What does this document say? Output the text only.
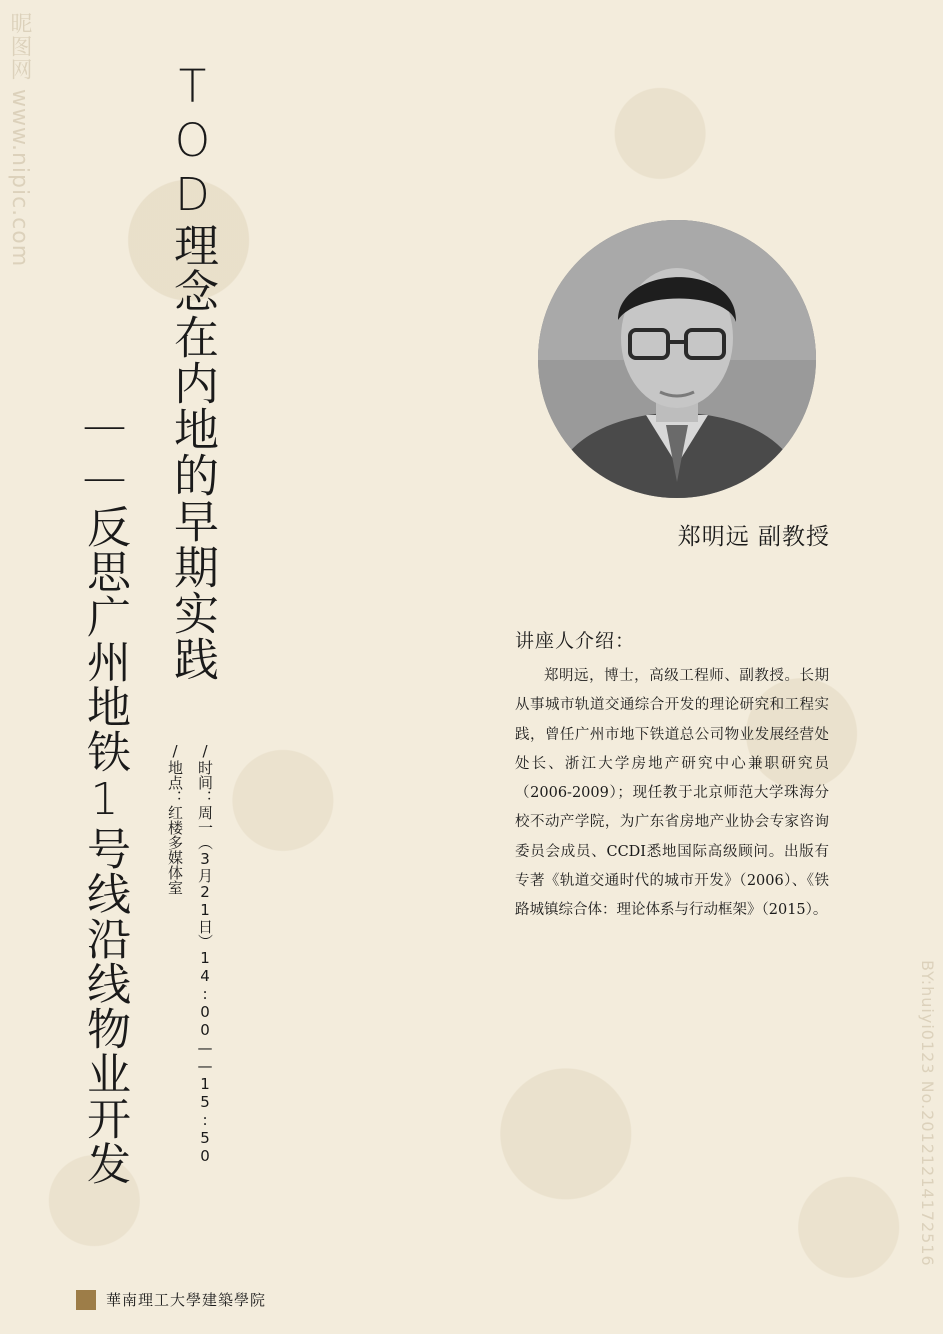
昵图网 www.nipic.com
BY:huiyi0123 No.20121214172516
TOD理念在内地的早期实践
——反思广州地铁1号线沿线物业开发	/时间：周一（3月21日）14:00——15:50
/地点：红楼多媒体室
郑明远 副教授
讲座人介绍：
郑明远，博士，高级工程师、副教授。长期从事城市轨道交通综合开发的理论研究和工程实践，曾任广州市地下铁道总公司物业发展经营处处长、浙江大学房地产研究中心兼职研究员（2006-2009）；现任教于北京师范大学珠海分校不动产学院，为广东省房地产业协会专家咨询委员会成员、CCDI悉地国际高级顾问。出版有专著《轨道交通时代的城市开发》（2006）、《铁路城镇综合体：理论体系与行动框架》（2015）。
華南理工大學建築學院
